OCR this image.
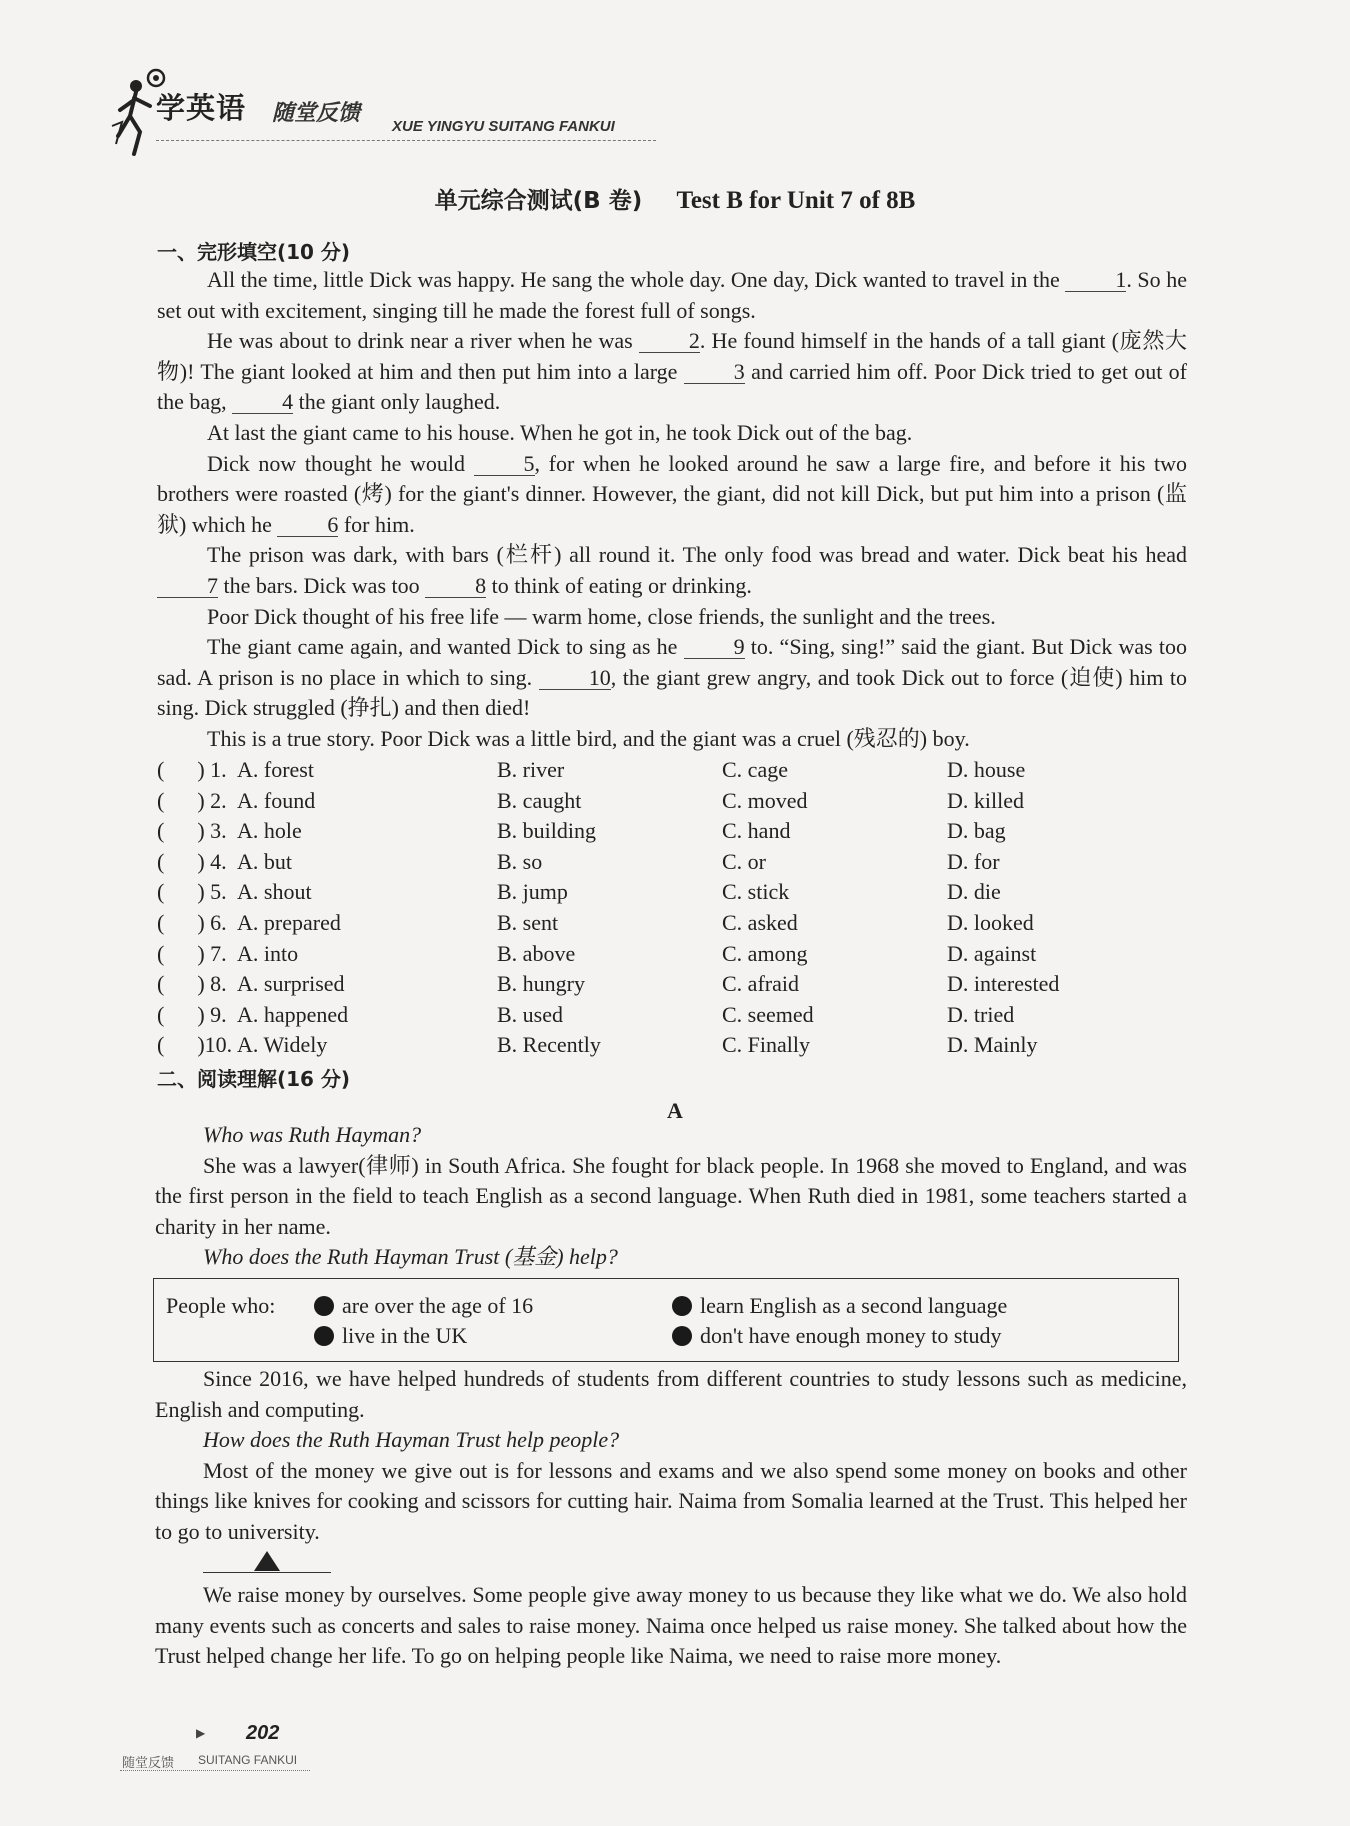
学英语 随堂反馈
XUE YINGYU SUITANG FANKUI
单元综合测试(B 卷) Test B for Unit 7 of 8B
一、完形填空(10 分)

All the time, little Dick was happy. He sang the whole day. One day, Dick wanted to travel in the 1. So he set out with excitement, singing till he made the forest full of songs.

He was about to drink near a river when he was 2. He found himself in the hands of a tall giant (庞然大物)! The giant looked at him and then put him into a large 3 and carried him off. Poor Dick tried to get out of the bag, 4 the giant only laughed.

At last the giant came to his house. When he got in, he took Dick out of the bag.

Dick now thought he would 5, for when he looked around he saw a large fire, and before it his two brothers were roasted (烤) for the giant's dinner. However, the giant, did not kill Dick, but put him into a prison (监狱) which he 6 for him.

The prison was dark, with bars (栏杆) all round it. The only food was bread and water. Dick beat his head 7 the bars. Dick was too 8 to think of eating or drinking.

Poor Dick thought of his free life — warm home, close friends, the sunlight and the trees.

The giant came again, and wanted Dick to sing as he 9 to. “Sing, sing!” said the giant. But Dick was too sad. A prison is no place in which to sing. 10, the giant grew angry, and took Dick out to force (迫使) him to sing. Dick struggled (挣扎) and then died!

This is a true story. Poor Dick was a little bird, and the giant was a cruel (残忍的) boy.

(      ) 1. A. forest	B. river	C. cage	D. house
(      ) 2. A. found	B. caught	C. moved	D. killed
(      ) 3. A. hole	B. building	C. hand	D. bag
(      ) 4. A. but	B. so	C. or	D. for
(      ) 5. A. shout	B. jump	C. stick	D. die
(      ) 6. A. prepared	B. sent	C. asked	D. looked
(      ) 7. A. into	B. above	C. among	D. against
(      ) 8. A. surprised	B. hungry	C. afraid	D. interested
(      ) 9. A. happened	B. used	C. seemed	D. tried
(      )10. A. Widely	B. Recently	C. Finally	D. Mainly
二、阅读理解(16 分)
A

Who was Ruth Hayman?

She was a lawyer(律师) in South Africa. She fought for black people. In 1968 she moved to England, and was the first person in the field to teach English as a second language. When Ruth died in 1981, some teachers started a charity in her name.

Who does the Ruth Hayman Trust (基金) help?

People who:	are over the age of 16	learn English as a second language
live in the UK	don't have enough money to study

Since 2016, we have helped hundreds of students from different countries to study lessons such as medicine, English and computing.

How does the Ruth Hayman Trust help people?

Most of the money we give out is for lessons and exams and we also spend some money on books and other things like knives for cooking and scissors for cutting hair. Naima from Somalia learned at the Trust. This helped her to go to university.

We raise money by ourselves. Some people give away money to us because they like what we do. We also hold many events such as concerts and sales to raise money. Naima once helped us raise money. She talked about how the Trust helped change her life. To go on helping people like Naima, we need to raise more money.

▶ 202
随堂反馈 SUITANG FANKUI
